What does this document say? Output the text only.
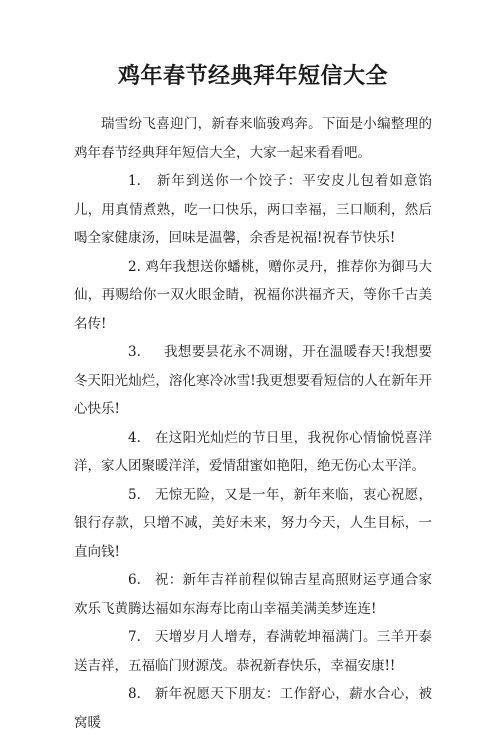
鸡年春节经典拜年短信大全

瑞雪纷飞喜迎门，新春来临骏鸡奔。下面是小编整理的鸡年春节经典拜年短信大全，大家一起来看看吧。

1. 新年到送你一个饺子：平安皮儿包着如意馅儿，用真情煮熟，吃一口快乐，两口幸福，三口顺利，然后喝全家健康汤，回味是温馨，余香是祝福!祝春节快乐!

2. 鸡年我想送你蟠桃，赠你灵丹，推荐你为御马大仙，再赐给你一双火眼金睛，祝福你洪福齐天，等你千古美名传!

3. 我想要昙花永不凋谢，开在温暖春天!我想要冬天阳光灿烂，溶化寒冷冰雪!我更想要看短信的人在新年开心快乐!

4. 在这阳光灿烂的节日里，我祝你心情愉悦喜洋洋，家人团聚暖洋洋，爱情甜蜜如艳阳，绝无伤心太平洋。

5. 无惊无险，又是一年，新年来临，衷心祝愿，银行存款，只增不减，美好未来，努力今天，人生目标，一直向钱!

6. 祝：新年吉祥前程似锦吉星高照财运亨通合家欢乐飞黄腾达福如东海寿比南山幸福美满美梦连连!

7. 天增岁月人增寿，春满乾坤福满门。三羊开泰送吉祥，五福临门财源茂。恭祝新春快乐，幸福安康!!

8. 新年祝愿天下朋友：工作舒心，薪水合心，被窝暖
